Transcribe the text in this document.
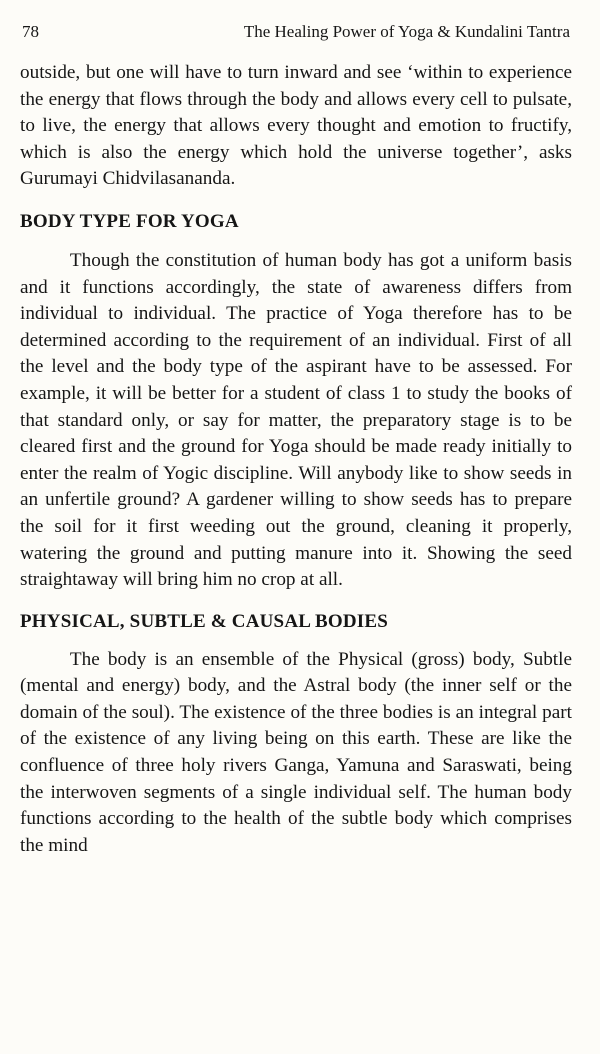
78	The Healing Power of Yoga & Kundalini Tantra

outside, but one will have to turn inward and see ‘within to experience the energy that flows through the body and allows every cell to pulsate, to live, the energy that allows every thought and emotion to fructify, which is also the energy which hold the universe together’, asks Gurumayi Chidvilasananda.

BODY TYPE FOR YOGA

Though the constitution of human body has got a uniform basis and it functions accordingly, the state of awareness differs from individual to individual. The practice of Yoga therefore has to be determined according to the requirement of an individual. First of all the level and the body type of the aspirant have to be assessed. For example, it will be better for a student of class 1 to study the books of that standard only, or say for matter, the preparatory stage is to be cleared first and the ground for Yoga should be made ready initially to enter the realm of Yogic discipline. Will anybody like to show seeds in an unfertile ground? A gardener willing to show seeds has to prepare the soil for it first weeding out the ground, cleaning it properly, watering the ground and putting manure into it. Showing the seed straightaway will bring him no crop at all.

PHYSICAL, SUBTLE & CAUSAL BODIES

The body is an ensemble of the Physical (gross) body, Subtle (mental and energy) body, and the Astral body (the inner self or the domain of the soul). The existence of the three bodies is an integral part of the existence of any living being on this earth. These are like the confluence of three holy rivers Ganga, Yamuna and Saraswati, being the interwoven segments of a single individual self. The human body functions according to the health of the subtle body which comprises the mind
